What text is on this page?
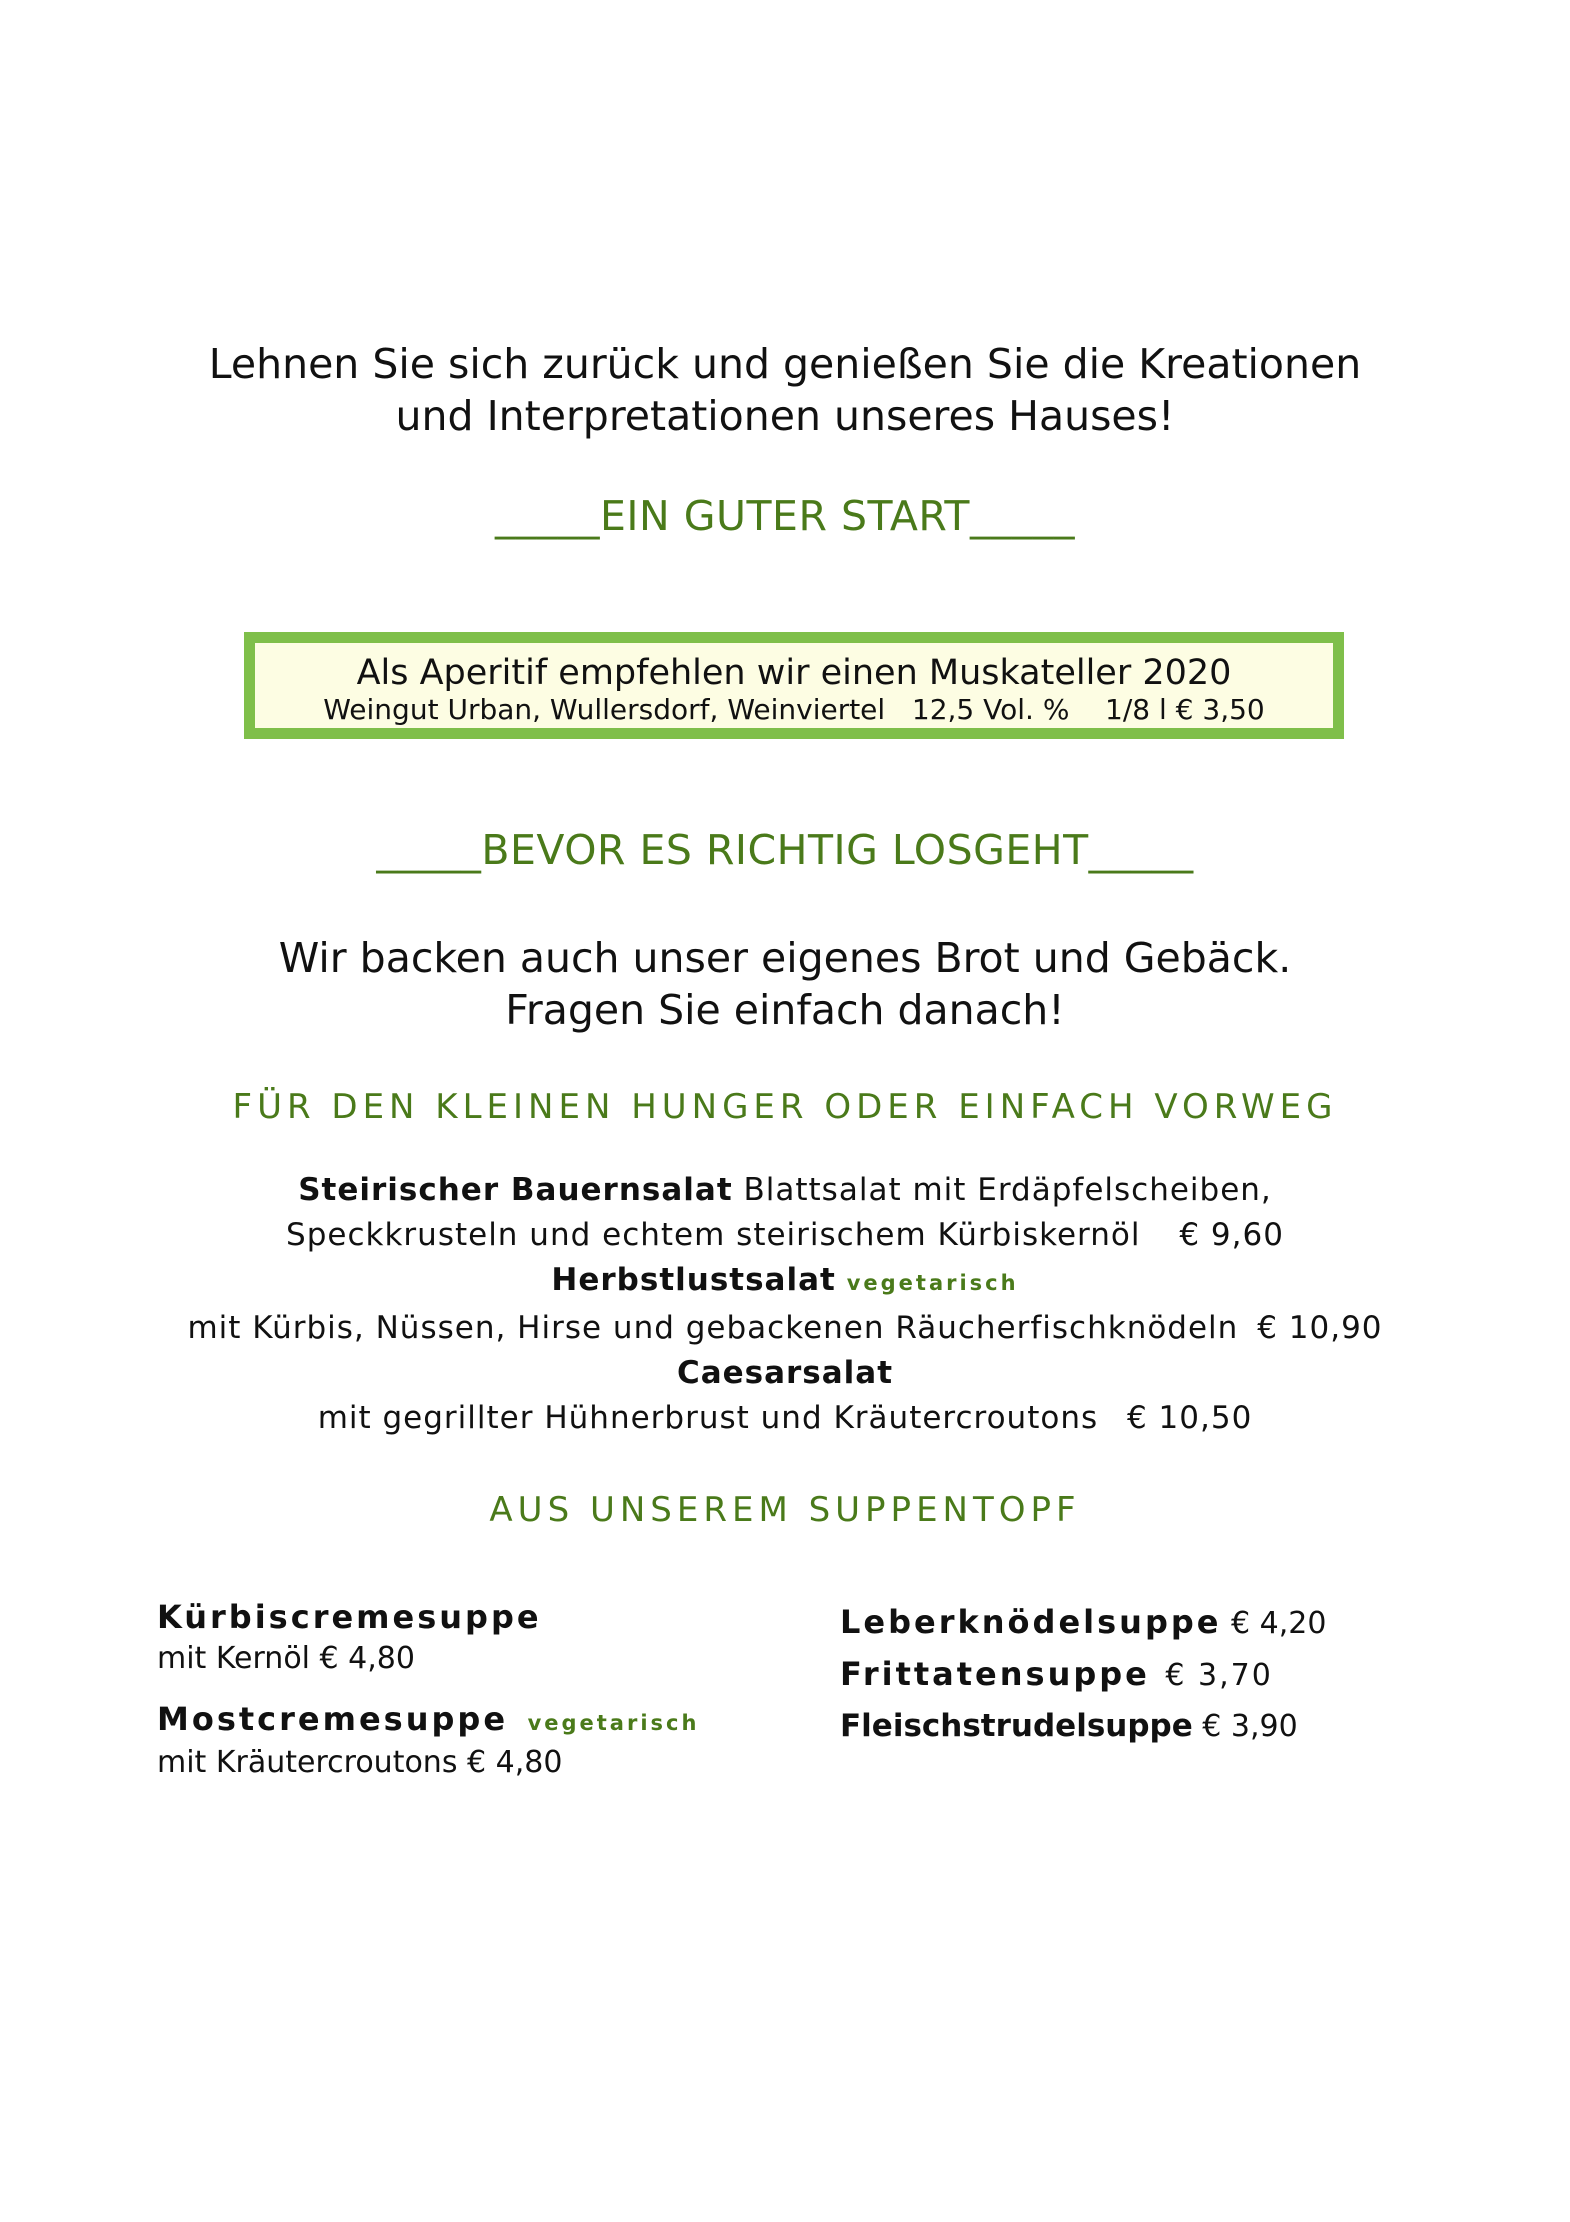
Lehnen Sie sich zurück und genießen Sie die Kreationen
und Interpretationen unseres Hauses!
_____EIN GUTER START_____
Als Aperitif empfehlen wir einen Muskateller 2020
Weingut Urban, Wullersdorf, Weinviertel   12,5 Vol. %    1/8 l € 3,50
_____BEVOR ES RICHTIG LOSGEHT_____
Wir backen auch unser eigenes Brot und Gebäck.
Fragen Sie einfach danach!
FÜR DEN KLEINEN HUNGER ODER EINFACH VORWEG
Steirischer Bauernsalat Blattsalat mit Erdäpfelscheiben,
Speckkrusteln und echtem steirischem Kürbiskernöl € 9,60
Herbstlustsalat vegetarisch
mit Kürbis, Nüssen, Hirse und gebackenen Räucherfischknödeln € 10,90
Caesarsalat
mit gegrillter Hühnerbrust und Kräutercroutons € 10,50
AUS UNSEREM SUPPENTOPF
Kürbiscremesuppe
mit Kernöl € 4,80
Mostcremesuppe vegetarisch
mit Kräutercroutons € 4,80
Leberknödelsuppe € 4,20
Frittatensuppe € 3,70
Fleischstrudelsuppe € 3,90
